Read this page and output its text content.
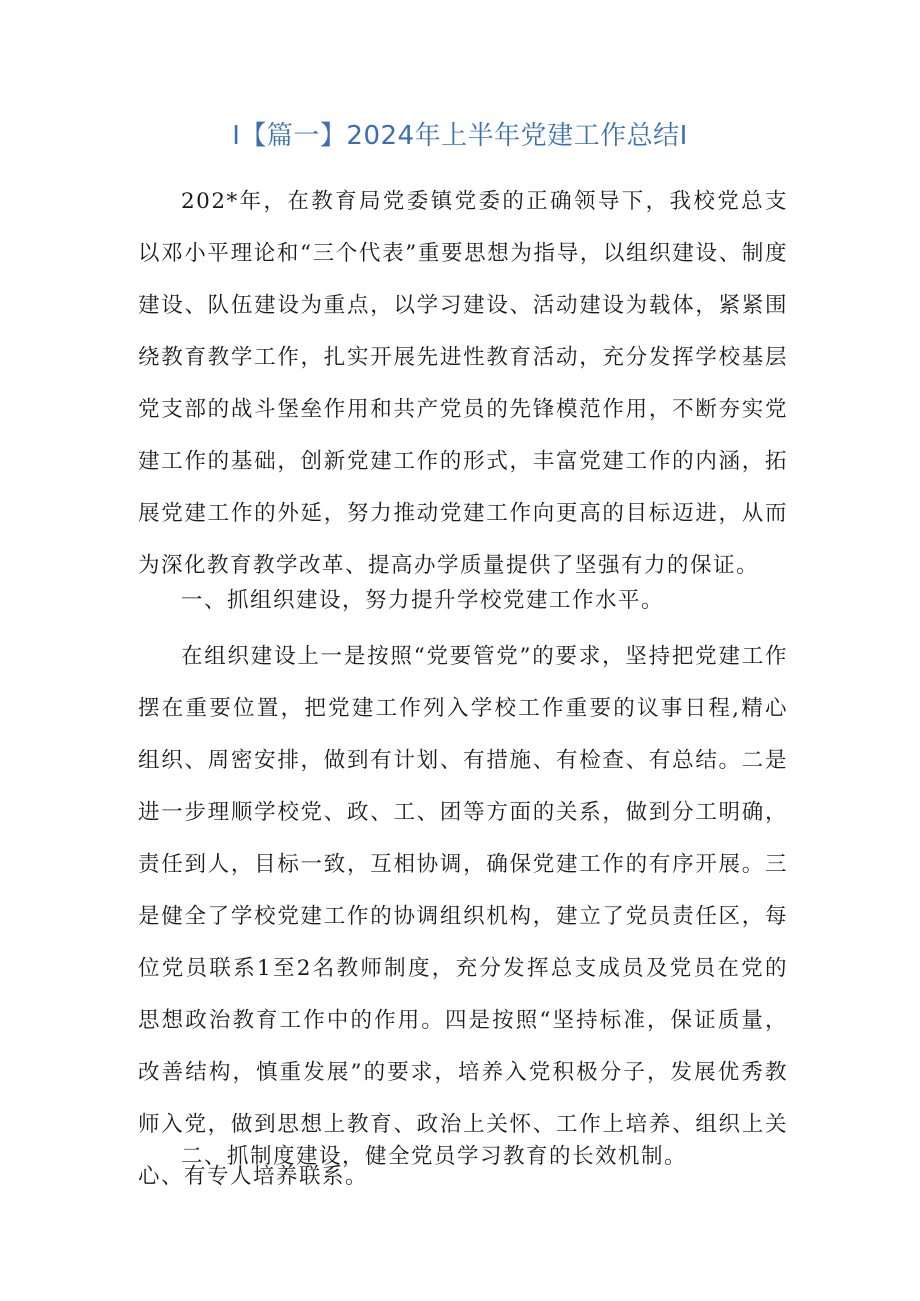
I【篇一】2024年上半年党建工作总结I

202*年，在教育局党委镇党委的正确领导下，我校党总支以邓小平理论和“三个代表”重要思想为指导，以组织建设、制度建设、队伍建设为重点，以学习建设、活动建设为载体，紧紧围绕教育教学工作，扎实开展先进性教育活动，充分发挥学校基层党支部的战斗堡垒作用和共产党员的先锋模范作用，不断夯实党建工作的基础，创新党建工作的形式，丰富党建工作的内涵，拓展党建工作的外延，努力推动党建工作向更高的目标迈进，从而为深化教育教学改革、提高办学质量提供了坚强有力的保证。

一、抓组织建设，努力提升学校党建工作水平。

在组织建设上一是按照“党要管党”的要求，坚持把党建工作摆在重要位置，把党建工作列入学校工作重要的议事日程,精心组织、周密安排，做到有计划、有措施、有检查、有总结。二是进一步理顺学校党、政、工、团等方面的关系，做到分工明确，责任到人，目标一致，互相协调，确保党建工作的有序开展。三是健全了学校党建工作的协调组织机构，建立了党员责任区，每位党员联系1至2名教师制度，充分发挥总支成员及党员在党的思想政治教育工作中的作用。四是按照“坚持标准，保证质量，改善结构，慎重发展”的要求，培养入党积极分子，发展优秀教师入党，做到思想上教育、政治上关怀、工作上培养、组织上关心、有专人培养联系。

二、抓制度建设，健全党员学习教育的长效机制。
